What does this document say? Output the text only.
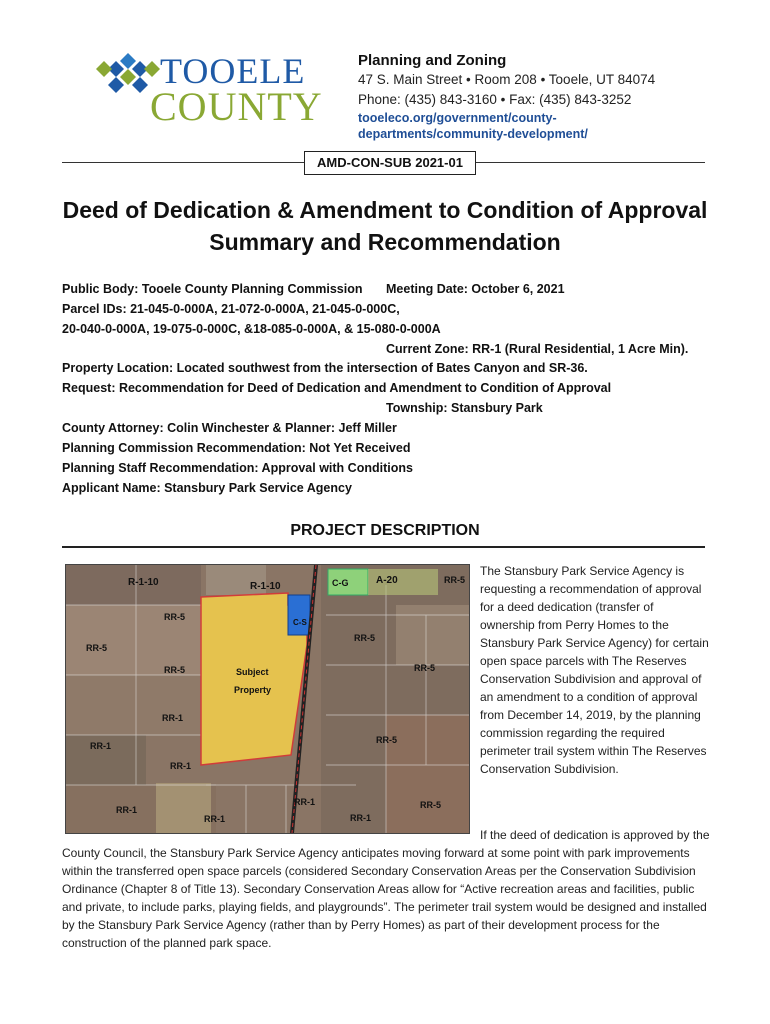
TOOELE
COUNTY
Planning and Zoning
47 S. Main Street • Room 208 • Tooele, UT 84074
Phone: (435) 843-3160 • Fax: (435) 843-3252
tooeleco.org/government/county-
departments/community-development/
AMD-CON-SUB 2021-01
Deed of Dedication & Amendment to Condition of Approval
Summary and Recommendation
Public Body: Tooele County Planning Commission Meeting Date: October 6, 2021
Parcel IDs: 21-045-0-000A, 21-072-0-000A, 21-045-0-000C,
20-040-0-000A, 19-075-0-000C, &18-085-0-000A, & 15-080-0-000A
Current Zone: RR-1 (Rural Residential, 1 Acre Min).
Property Location: Located southwest from the intersection of Bates Canyon and SR-36.
Request: Recommendation for Deed of Dedication and Amendment to Condition of Approval
Township: Stansbury Park
County Attorney: Colin Winchester & Planner: Jeff Miller
Planning Commission Recommendation: Not Yet Received
Planning Staff Recommendation: Approval with Conditions
Applicant Name: Stansbury Park Service Agency
PROJECT DESCRIPTION
R-1-10	R-1-10	C-G	A-20	RR-5
RR-5
RR-5
RR-5
RR-5
RR-5
RR-5
RR-5
C-S
RR-1
RR-1
RR-1
RR-1
RR-1
RR-1
RR-1
Subject
Property

The Stansbury Park Service Agency is requesting a recommendation of approval for a deed dedication (transfer of ownership from Perry Homes to the Stansbury Park Service Agency) for certain open space parcels with The Reserves Conservation Subdivision and approval of an amendment to a condition of approval from December 14, 2019, by the planning commission regarding the required perimeter trail system within The Reserves Conservation Subdivision.

If the deed of dedication is approved by the County Council, the Stansbury Park Service Agency anticipates moving forward at some point with park improvements within the transferred open space parcels (considered Secondary Conservation Areas per the Conservation Subdivision Ordinance (Chapter 8 of Title 13). Secondary Conservation Areas allow for “Active recreation areas and facilities, public and private, to include parks, playing fields, and playgrounds”. The perimeter trail system would be designed and installed by the Stansbury Park Service Agency (rather than by Perry Homes) as part of their development process for the construction of the planned park space.
